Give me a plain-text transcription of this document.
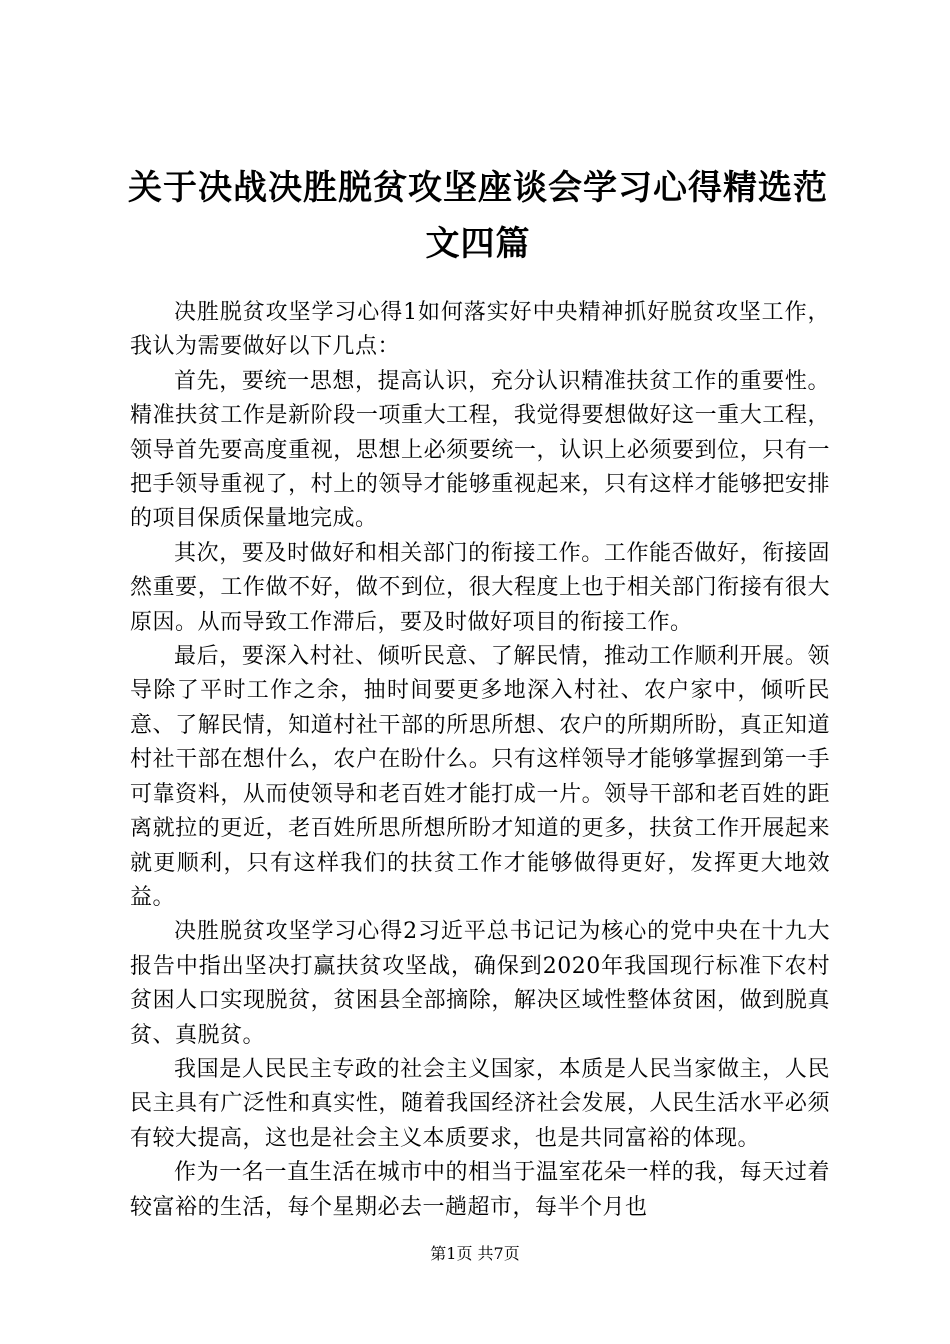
关于决战决胜脱贫攻坚座谈会学习心得精选范文四篇

决胜脱贫攻坚学习心得1如何落实好中央精神抓好脱贫攻坚工作，我认为需要做好以下几点：

首先，要统一思想，提高认识，充分认识精准扶贫工作的重要性。精准扶贫工作是新阶段一项重大工程，我觉得要想做好这一重大工程，领导首先要高度重视，思想上必须要统一，认识上必须要到位，只有一把手领导重视了，村上的领导才能够重视起来，只有这样才能够把安排的项目保质保量地完成。

其次，要及时做好和相关部门的衔接工作。工作能否做好，衔接固然重要，工作做不好，做不到位，很大程度上也于相关部门衔接有很大原因。从而导致工作滞后，要及时做好项目的衔接工作。

最后，要深入村社、倾听民意、了解民情，推动工作顺利开展。领导除了平时工作之余，抽时间要更多地深入村社、农户家中，倾听民意、了解民情，知道村社干部的所思所想、农户的所期所盼，真正知道村社干部在想什么，农户在盼什么。只有这样领导才能够掌握到第一手可靠资料，从而使领导和老百姓才能打成一片。领导干部和老百姓的距离就拉的更近，老百姓所思所想所盼才知道的更多，扶贫工作开展起来就更顺利，只有这样我们的扶贫工作才能够做得更好，发挥更大地效益。

决胜脱贫攻坚学习心得2习近平总书记记为核心的党中央在十九大报告中指出坚决打赢扶贫攻坚战，确保到2020年我国现行标准下农村贫困人口实现脱贫，贫困县全部摘除，解决区域性整体贫困，做到脱真贫、真脱贫。

我国是人民民主专政的社会主义国家，本质是人民当家做主，人民民主具有广泛性和真实性，随着我国经济社会发展，人民生活水平必须有较大提高，这也是社会主义本质要求，也是共同富裕的体现。

作为一名一直生活在城市中的相当于温室花朵一样的我，每天过着较富裕的生活，每个星期必去一趟超市，每半个月也

第1页 共7页
